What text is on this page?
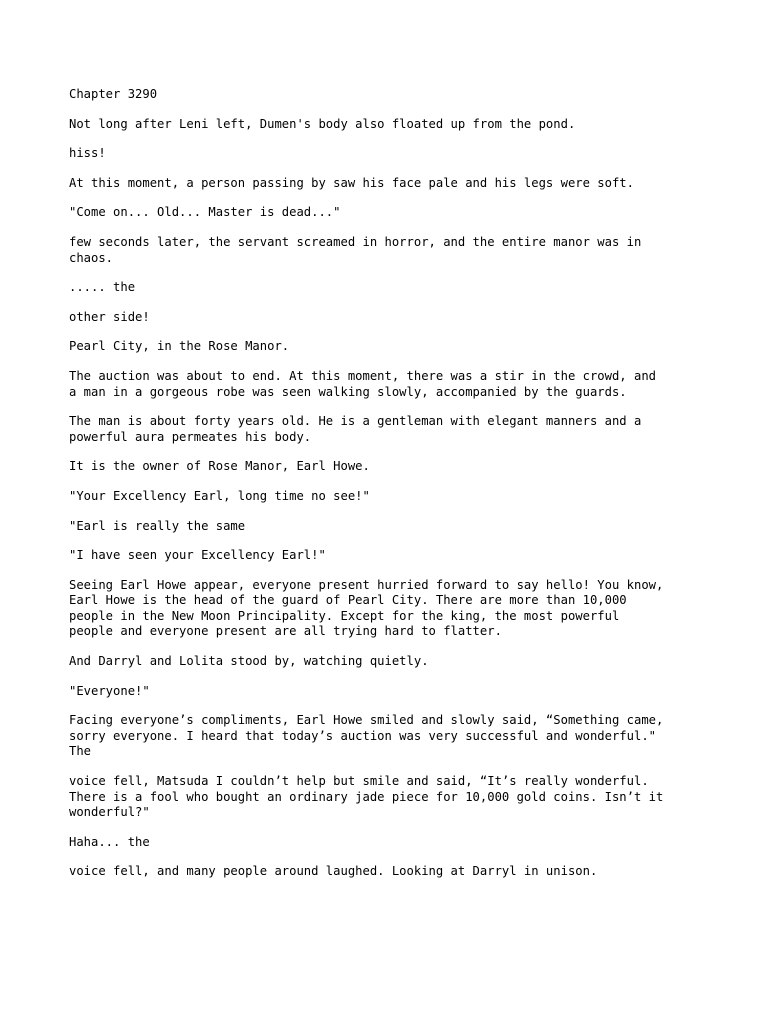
Chapter 3290

Not long after Leni left, Dumen's body also floated up from the pond.

hiss!

At this moment, a person passing by saw his face pale and his legs were soft.

"Come on... Old... Master is dead..."

few seconds later, the servant screamed in horror, and the entire manor was in
chaos.

..... the

other side!

Pearl City, in the Rose Manor.

The auction was about to end. At this moment, there was a stir in the crowd, and
a man in a gorgeous robe was seen walking slowly, accompanied by the guards.

The man is about forty years old. He is a gentleman with elegant manners and a
powerful aura permeates his body.

It is the owner of Rose Manor, Earl Howe.

"Your Excellency Earl, long time no see!"

"Earl is really the same

"I have seen your Excellency Earl!"

Seeing Earl Howe appear, everyone present hurried forward to say hello! You know,
Earl Howe is the head of the guard of Pearl City. There are more than 10,000
people in the New Moon Principality. Except for the king, the most powerful
people and everyone present are all trying hard to flatter.

And Darryl and Lolita stood by, watching quietly.

"Everyone!"

Facing everyone’s compliments, Earl Howe smiled and slowly said, “Something came,
sorry everyone. I heard that today’s auction was very successful and wonderful."
The

voice fell, Matsuda I couldn’t help but smile and said, “It’s really wonderful.
There is a fool who bought an ordinary jade piece for 10,000 gold coins. Isn’t it
wonderful?"

Haha... the

voice fell, and many people around laughed. Looking at Darryl in unison.
